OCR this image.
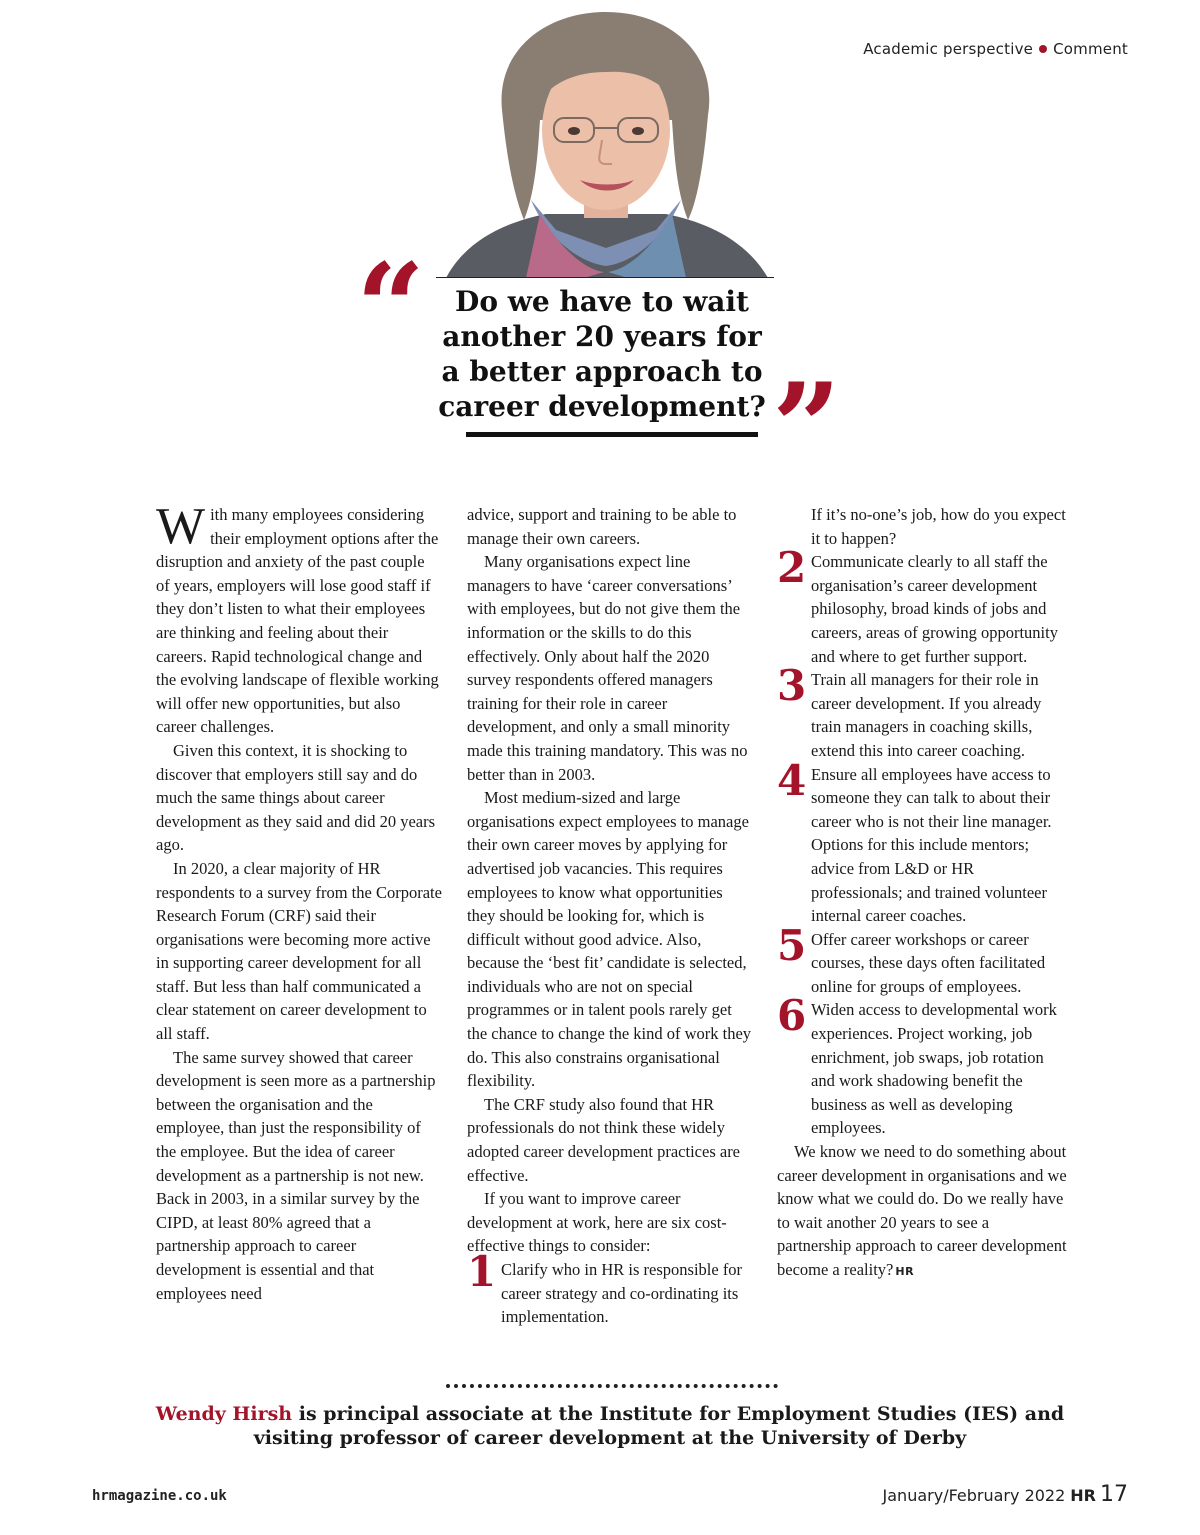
Academic perspective Comment
“	Do we have to wait another 20 years for a better approach to career development? ”

With many employees considering their employment options after the disruption and anxiety of the past couple of years, employers will lose good staff if they don’t listen to what their employees are thinking and feeling about their careers. Rapid technological change and the evolving landscape of flexible working will offer new opportunities, but also career challenges.

Given this context, it is shocking to discover that employers still say and do much the same things about career development as they said and did 20 years ago.

In 2020, a clear majority of HR respondents to a survey from the Corporate Research Forum (CRF) said their organisations were becoming more active in supporting career development for all staff. But less than half communicated a clear statement on career development to all staff.

The same survey showed that career development is seen more as a partnership between the organisation and the employee, than just the responsibility of the employee. But the idea of career development as a partnership is not new. Back in 2003, in a similar survey by the CIPD, at least 80% agreed that a partnership approach to career development is essential and that employees need

advice, support and training to be able to manage their own careers.

Many organisations expect line managers to have ‘career conversations’ with employees, but do not give them the information or the skills to do this effectively. Only about half the 2020 survey respondents offered managers training for their role in career development, and only a small minority made this training mandatory. This was no better than in 2003.

Most medium-sized and large organisations expect employees to manage their own career moves by applying for advertised job vacancies. This requires employees to know what opportunities they should be looking for, which is difficult without good advice. Also, because the ‘best fit’ candidate is selected, individuals who are not on special programmes or in talent pools rarely get the chance to change the kind of work they do. This also constrains organisational flexibility.

The CRF study also found that HR professionals do not think these widely adopted career development practices are effective.

If you want to improve career development at work, here are six cost-effective things to consider:

1 Clarify who in HR is responsible for career strategy and co-ordinating its implementation.
If it’s no-one’s job, how do you expect it to happen?
2 Communicate clearly to all staff the organisation’s career development philosophy, broad kinds of jobs and careers, areas of growing opportunity and where to get further support.
3 Train all managers for their role in career development. If you already train managers in coaching skills, extend this into career coaching.
4 Ensure all employees have access to someone they can talk to about their career who is not their line manager. Options for this include mentors; advice from L&D or HR professionals; and trained volunteer internal career coaches.
5 Offer career workshops or career courses, these days often facilitated online for groups of employees.
6 Widen access to developmental work experiences. Project working, job enrichment, job swaps, job rotation and work shadowing benefit the business as well as developing employees.

We know we need to do something about career development in organisations and we know what we could do. Do we really have to wait another 20 years to see a partnership approach to career development become a reality? HR

Wendy Hirsh is principal associate at the Institute for Employment Studies (IES) and visiting professor of career development at the University of Derby
hrmagazine.co.uk	January/February 2022 HR 17
